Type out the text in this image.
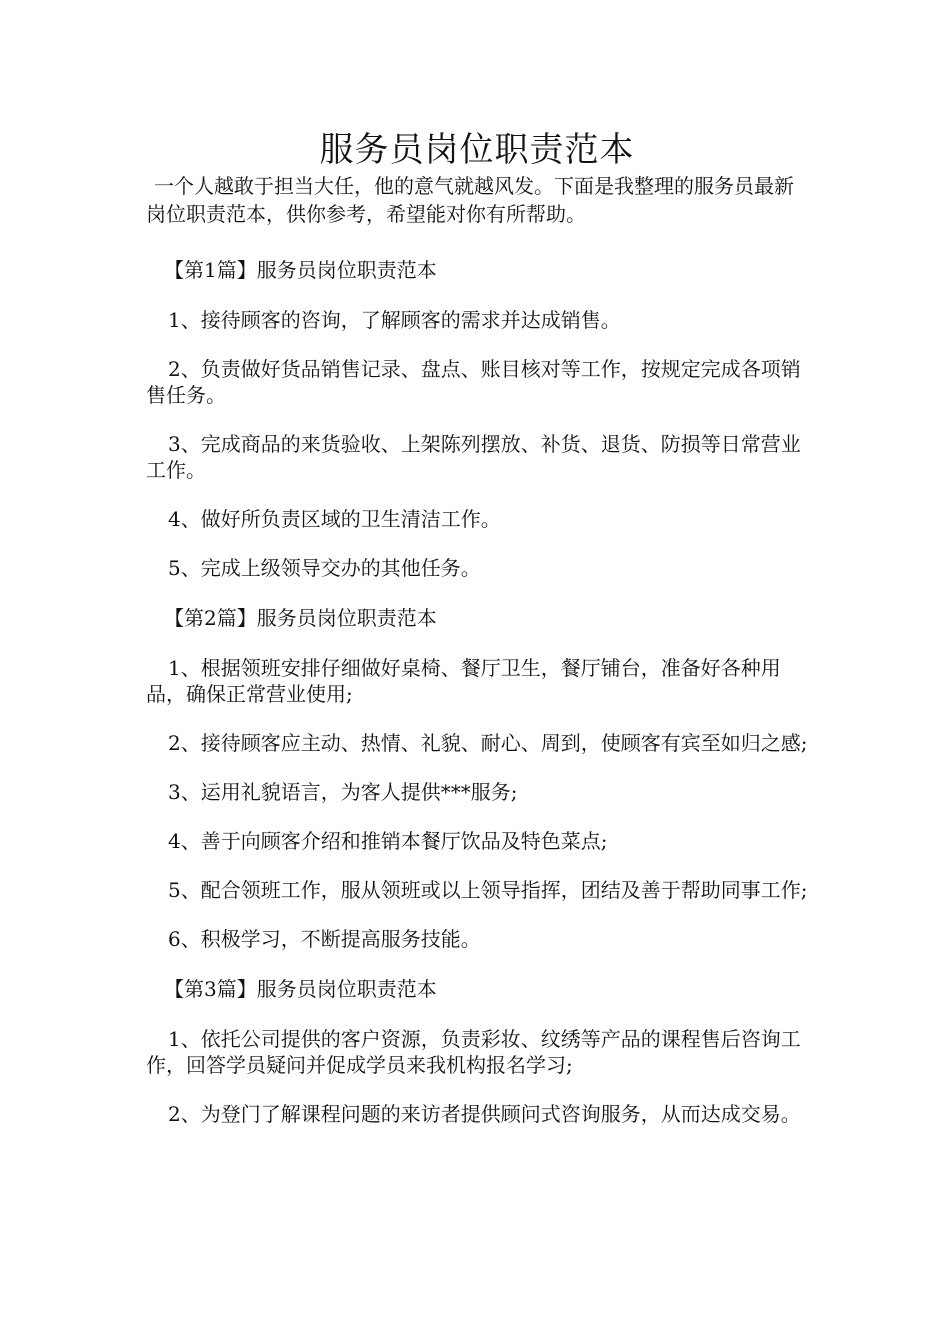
服务员岗位职责范本

一个人越敢于担当大任，他的意气就越风发。下面是我整理的服务员最新岗位职责范本，供你参考，希望能对你有所帮助。

【第1篇】服务员岗位职责范本

1、接待顾客的咨询，了解顾客的需求并达成销售。

2、负责做好货品销售记录、盘点、账目核对等工作，按规定完成各项销售任务。

3、完成商品的来货验收、上架陈列摆放、补货、退货、防损等日常营业工作。

4、做好所负责区域的卫生清洁工作。

5、完成上级领导交办的其他任务。

【第2篇】服务员岗位职责范本

1、根据领班安排仔细做好桌椅、餐厅卫生，餐厅铺台，准备好各种用品，确保正常营业使用;

2、接待顾客应主动、热情、礼貌、耐心、周到，使顾客有宾至如归之感;

3、运用礼貌语言，为客人提供***服务;

4、善于向顾客介绍和推销本餐厅饮品及特色菜点;

5、配合领班工作，服从领班或以上领导指挥，团结及善于帮助同事工作;

6、积极学习，不断提高服务技能。

【第3篇】服务员岗位职责范本

1、依托公司提供的客户资源，负责彩妆、纹绣等产品的课程售后咨询工作，回答学员疑问并促成学员来我机构报名学习;

2、为登门了解课程问题的来访者提供顾问式咨询服务，从而达成交易。
